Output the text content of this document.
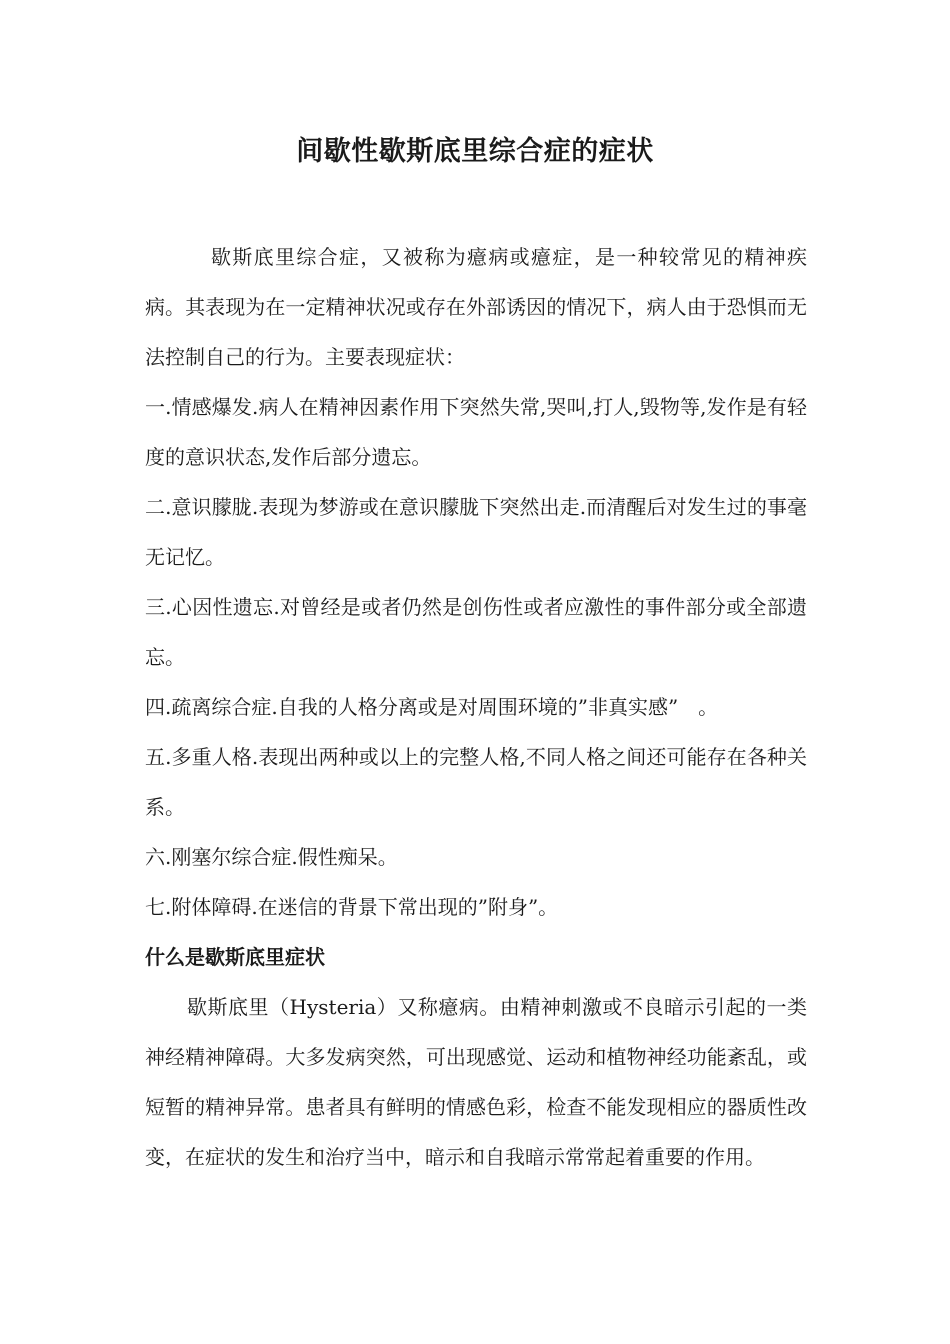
间歇性歇斯底里综合症的症状

歇斯底里综合症，又被称为癔病或癔症，是一种较常见的精神疾病。其表现为在一定精神状况或存在外部诱因的情况下，病人由于恐惧而无法控制自己的行为。主要表现症状：

一.情感爆发.病人在精神因素作用下突然失常,哭叫,打人,毁物等,发作是有轻度的意识状态,发作后部分遗忘。

二.意识朦胧.表现为梦游或在意识朦胧下突然出走.而清醒后对发生过的事毫无记忆。

三.心因性遗忘.对曾经是或者仍然是创伤性或者应激性的事件部分或全部遗忘。

四.疏离综合症.自我的人格分离或是对周围环境的”非真实感”　。

五.多重人格.表现出两种或以上的完整人格,不同人格之间还可能存在各种关系。

六.刚塞尔综合症.假性痴呆。

七.附体障碍.在迷信的背景下常出现的”附身”。

什么是歇斯底里症状

歇斯底里（Hysteria）又称癔病。由精神刺激或不良暗示引起的一类神经精神障碍。大多发病突然，可出现感觉、运动和植物神经功能紊乱，或短暂的精神异常。患者具有鲜明的情感色彩，检查不能发现相应的器质性改变，在症状的发生和治疗当中，暗示和自我暗示常常起着重要的作用。
